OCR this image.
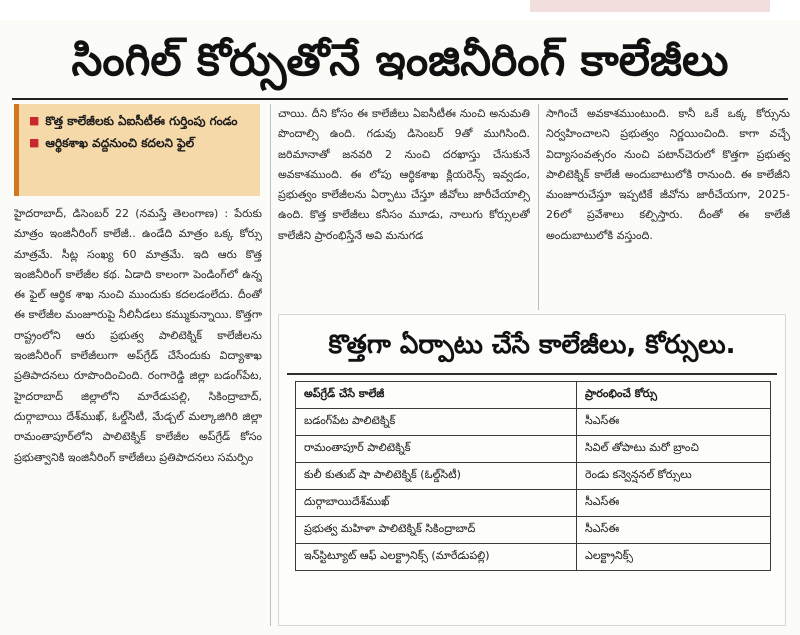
సింగిల్ కోర్సుతోనే ఇంజినీరింగ్ కాలేజీలు
■ కొత్త కాలేజీలకు ఏఐసీటీఈ గుర్తింపు గండం
■ ఆర్థికశాఖ వద్దనుంచి కదలని ఫైల్
హైదరాబాద్, డిసెంబర్ 22 (నమస్తే తెలంగాణ) : పేరుకు మాత్రం ఇంజినీరింగ్ కాలేజీ.. ఉండేది మాత్రం ఒక్క కోర్సు మాత్రమే. సీట్ల సంఖ్య 60 మాత్రమే. ఇది ఆరు కొత్త ఇంజినీరింగ్ కాలేజీల కథ. ఏడాది కాలంగా పెండింగ్‌లో ఉన్న ఈ ఫైల్ ఆర్థిక శాఖ నుంచి ముందుకు కదలడంలేదు. దీంతో ఈ కాలేజీల మంజూరుపై నీలినీడలు కమ్ముకున్నాయి. కొత్తగా రాష్ట్రంలోని ఆరు ప్రభుత్వ పాలిటెక్నిక్ కాలేజీలను ఇంజినీరింగ్ కాలేజీలుగా అప్‌గ్రేడ్ చేసేందుకు విద్యాశాఖ ప్రతిపాదనలు రూపొందించింది. రంగారెడ్డి జిల్లా బడంగ్‌పేట, హైదరాబాద్ జిల్లాలోని మారేడుపల్లి, సికింద్రాబాద్, దుర్గాబాయి దేశ్‌ముఖ్, ఓల్డ్‌సిటీ, మేడ్చల్ మల్కాజిగిరి జిల్లా రామంతాపూర్‌లోని పాలిటెక్నిక్ కాలేజీల అప్‌గ్రేడ్ కోసం ప్రభుత్వానికి ఇంజినీరింగ్ కాలేజీలు ప్రతిపాదనలు సమర్పిం
చాయి. దీని కోసం ఈ కాలేజీలు ఏఐసీటీఈ నుంచి అనుమతి పొందాల్సి ఉంది. గడువు డిసెంబర్ 9తో ముగిసింది. జరిమానాతో జనవరి 2 నుంచి దరఖాస్తు చేసుకునే అవకాశముంది. ఈ లోపు ఆర్థికశాఖ క్లియరెన్స్ ఇవ్వడం, ప్రభుత్వం కాలేజీలను ఏర్పాటు చేస్తూ జీవోలు జారీచేయాల్సి ఉంది. కొత్త కాలేజీలు కనీసం మూడు, నాలుగు కోర్సులతో కాలేజీని ప్రారంభిస్తేనే అవి మనుగడ
సాగించే అవకాశముంటుంది. కానీ ఒకే ఒక్క కోర్సును నిర్వహించాలని ప్రభుత్వం నిర్ణయించింది. కాగా వచ్చే విద్యాసంవత్సరం నుంచి పటాన్‌చెరులో కొత్తగా ప్రభుత్వ పాలిటెక్నిక్ కాలేజీ అందుబాటులోకి రానుంది. ఈ కాలేజీని మంజూరుచేస్తూ ఇప్పటికే జీవోను జారీచేయగా, 2025-26లో ప్రవేశాలు కల్పిస్తారు. దీంతో ఈ కాలేజీ అందుబాటులోకి వస్తుంది.
కొత్తగా ఏర్పాటు చేసే కాలేజీలు, కోర్సులు.
అప్‌గ్రేడ్ చేసే కాలేజీ	ప్రారంభించే కోర్సు
బడంగ్‌పేట పాలిటెక్నిక్	సీఎస్‌ఈ
రామంతాపూర్ పాలిటెక్నిక్	సివిల్ తోపాటు మరో బ్రాంచి
కులీ కుతుబ్ షా పాలిటెక్నిక్ (ఓల్డ్‌సిటీ)	రెండు కన్వెన్షనల్ కోర్సులు
దుర్గాబాయిదేశ్‌ముఖ్	సీఎస్‌ఈ
ప్రభుత్వ మహిళా పాలిటెక్నిక్ సికింద్రాబాద్	సీఎస్‌ఈ
ఇన్‌స్టిట్యూట్ ఆఫ్ ఎలక్ట్రానిక్స్ (మారేడుపల్లి)	ఎలక్ట్రానిక్స్
